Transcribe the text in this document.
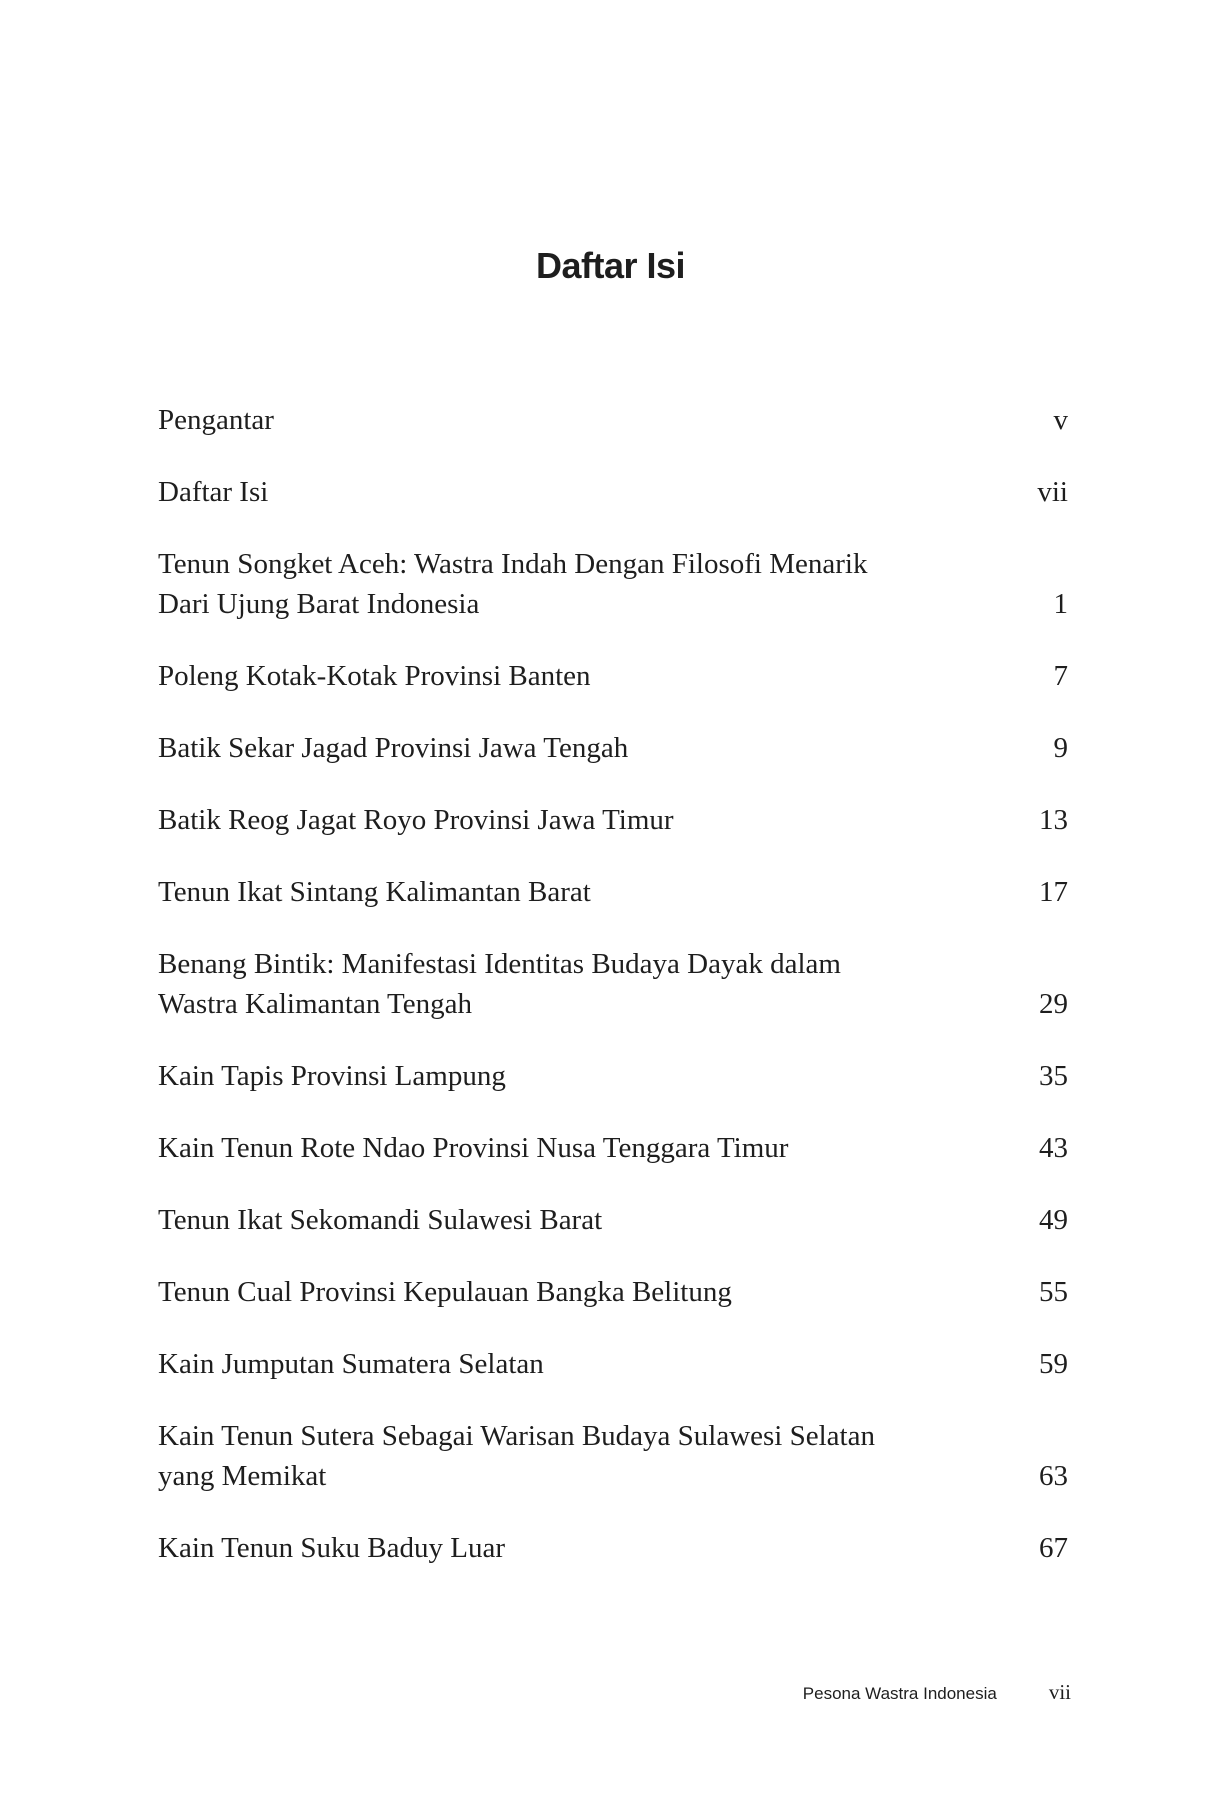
Daftar Isi
Pengantar	v
Daftar Isi	vii
Tenun Songket Aceh: Wastra Indah Dengan Filosofi Menarik
Dari Ujung Barat Indonesia	1
Poleng Kotak-Kotak Provinsi Banten	7
Batik Sekar Jagad Provinsi Jawa Tengah	9
Batik Reog Jagat Royo Provinsi Jawa Timur	13
Tenun Ikat Sintang Kalimantan Barat	17
Benang Bintik: Manifestasi Identitas Budaya Dayak dalam
Wastra Kalimantan Tengah	29
Kain Tapis Provinsi Lampung	35
Kain Tenun Rote Ndao Provinsi Nusa Tenggara Timur	43
Tenun Ikat Sekomandi Sulawesi Barat	49
Tenun Cual Provinsi Kepulauan Bangka Belitung	55
Kain Jumputan Sumatera Selatan	59
Kain Tenun Sutera Sebagai Warisan Budaya Sulawesi Selatan
yang Memikat	63
Kain Tenun Suku Baduy Luar	67
Pesona Wastra Indonesia vii
